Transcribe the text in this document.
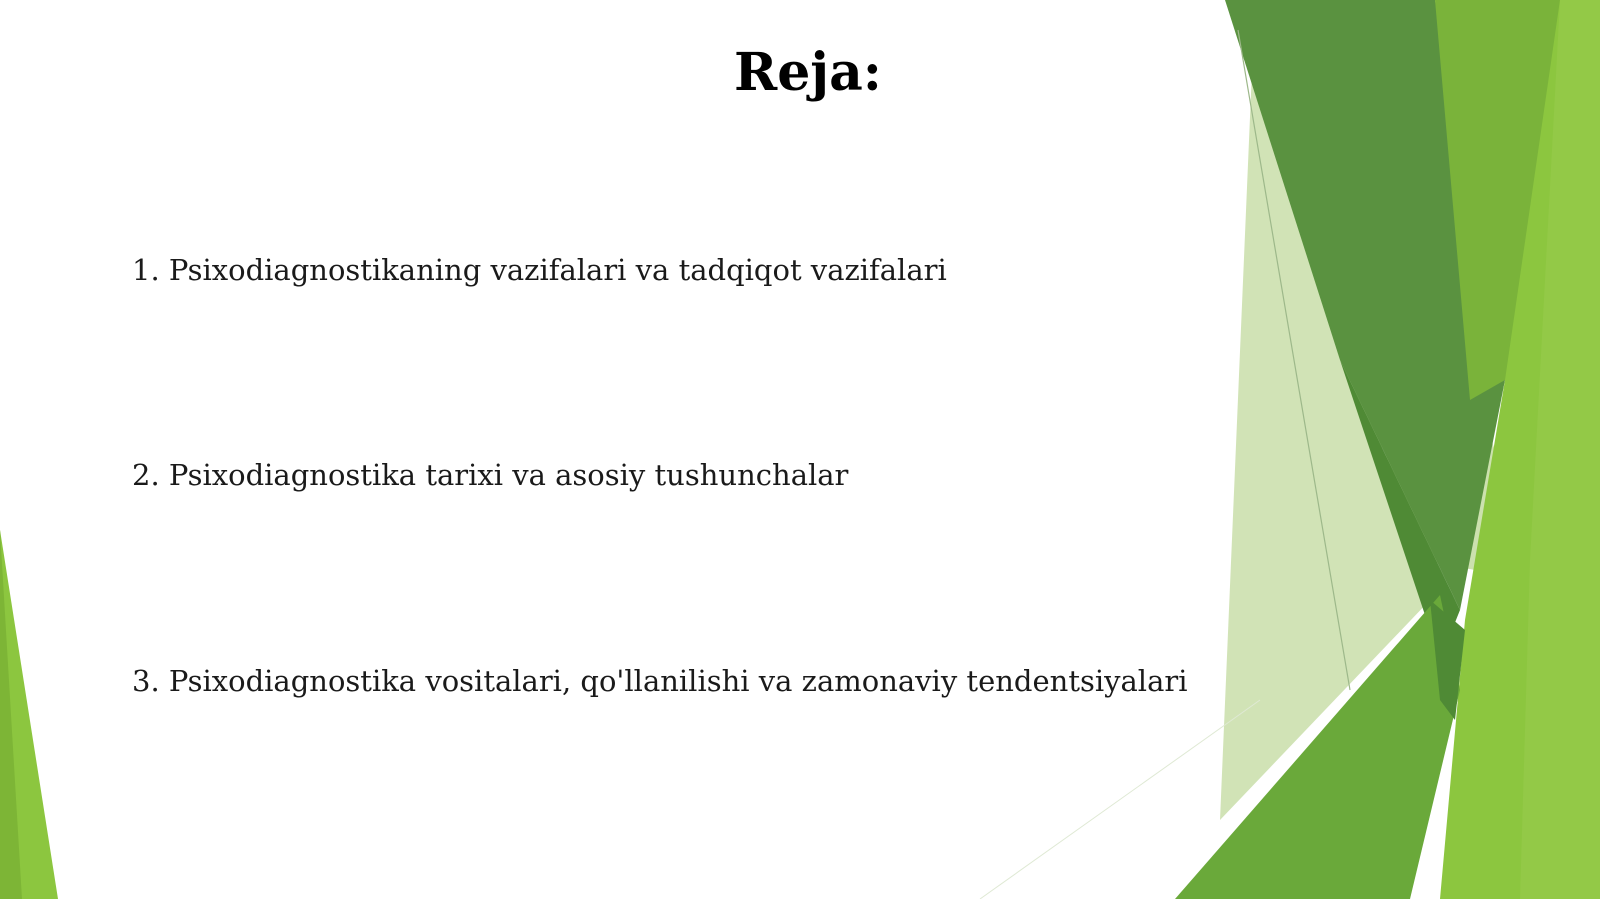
Reja:
1. Psixodiagnostikaning vazifalari va tadqiqot vazifalari
2. Psixodiagnostika tarixi va asosiy tushunchalar
3. Psixodiagnostika vositalari, qo'llanilishi va zamonaviy tendentsiyalari
